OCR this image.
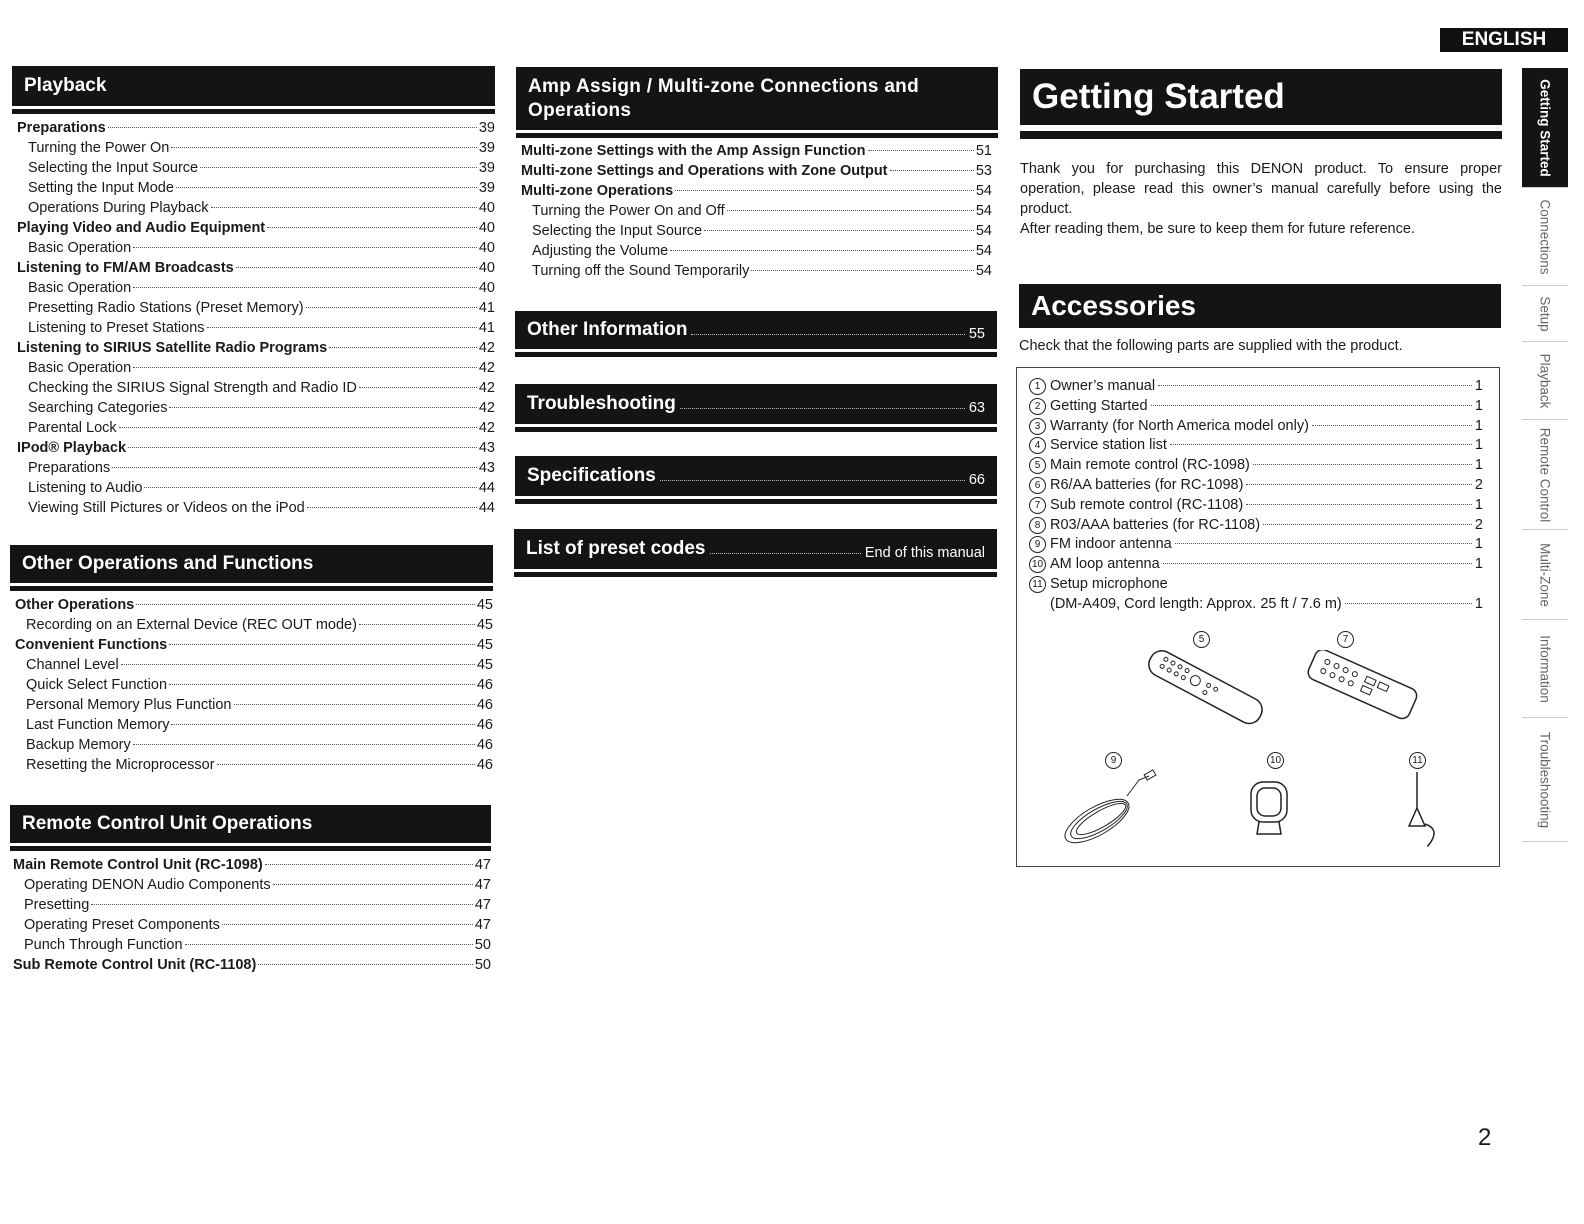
ENGLISH
Playback
Preparations	39
Turning the Power On	39
Selecting the Input Source	39
Setting the Input Mode	39
Operations During Playback	40
Playing Video and Audio Equipment	40
Basic Operation	40
Listening to FM/AM Broadcasts	40
Basic Operation	40
Presetting Radio Stations (Preset Memory)	41
Listening to Preset Stations	41
Listening to SIRIUS Satellite Radio Programs	42
Basic Operation	42
Checking the SIRIUS Signal Strength and Radio ID	42
Searching Categories	42
Parental Lock	42
IPod® Playback	43
Preparations	43
Listening to Audio	44
Viewing Still Pictures or Videos on the iPod	44
Other Operations and Functions
Other Operations	45
Recording on an External Device (REC OUT mode)	45
Convenient Functions	45
Channel Level	45
Quick Select Function	46
Personal Memory Plus Function	46
Last Function Memory	46
Backup Memory	46
Resetting the Microprocessor	46
Remote Control Unit Operations
Main Remote Control Unit (RC-1098)	47
Operating DENON Audio Components	47
Presetting	47
Operating Preset Components	47
Punch Through Function	50
Sub Remote Control Unit (RC-1108)	50
Amp Assign / Multi-zone Connections and Operations
Multi-zone Settings with the Amp Assign Function	51
Multi-zone Settings and Operations with Zone Output	53
Multi-zone Operations	54
Turning the Power On and Off	54
Selecting the Input Source	54
Adjusting the Volume	54
Turning off the Sound Temporarily	54
Other Information	55
Troubleshooting	63
Specifications	66
List of preset codes	End of this manual
Getting Started
Thank you for purchasing this DENON product. To ensure proper operation, please read this owner’s manual carefully before using the product.
After reading them, be sure to keep them for future reference.
Accessories
Check that the following parts are supplied with the product.
1 Owner’s manual	1
2 Getting Started	1
3 Warranty (for North America model only)	1
4 Service station list	1
5 Main remote control (RC-1098)	1
6 R6/AA batteries (for RC-1098)	2
7 Sub remote control (RC-1108)	1
8 R03/AAA batteries (for RC-1108)	2
9 FM indoor antenna	1
10 AM loop antenna	1
11 Setup microphone
(DM-A409, Cord length: Approx. 25 ft / 7.6 m)	1
5	7
9	10	11
Getting Started
Connections
Setup
Playback
Remote Control
Multi-Zone
Information
Troubleshooting
2
